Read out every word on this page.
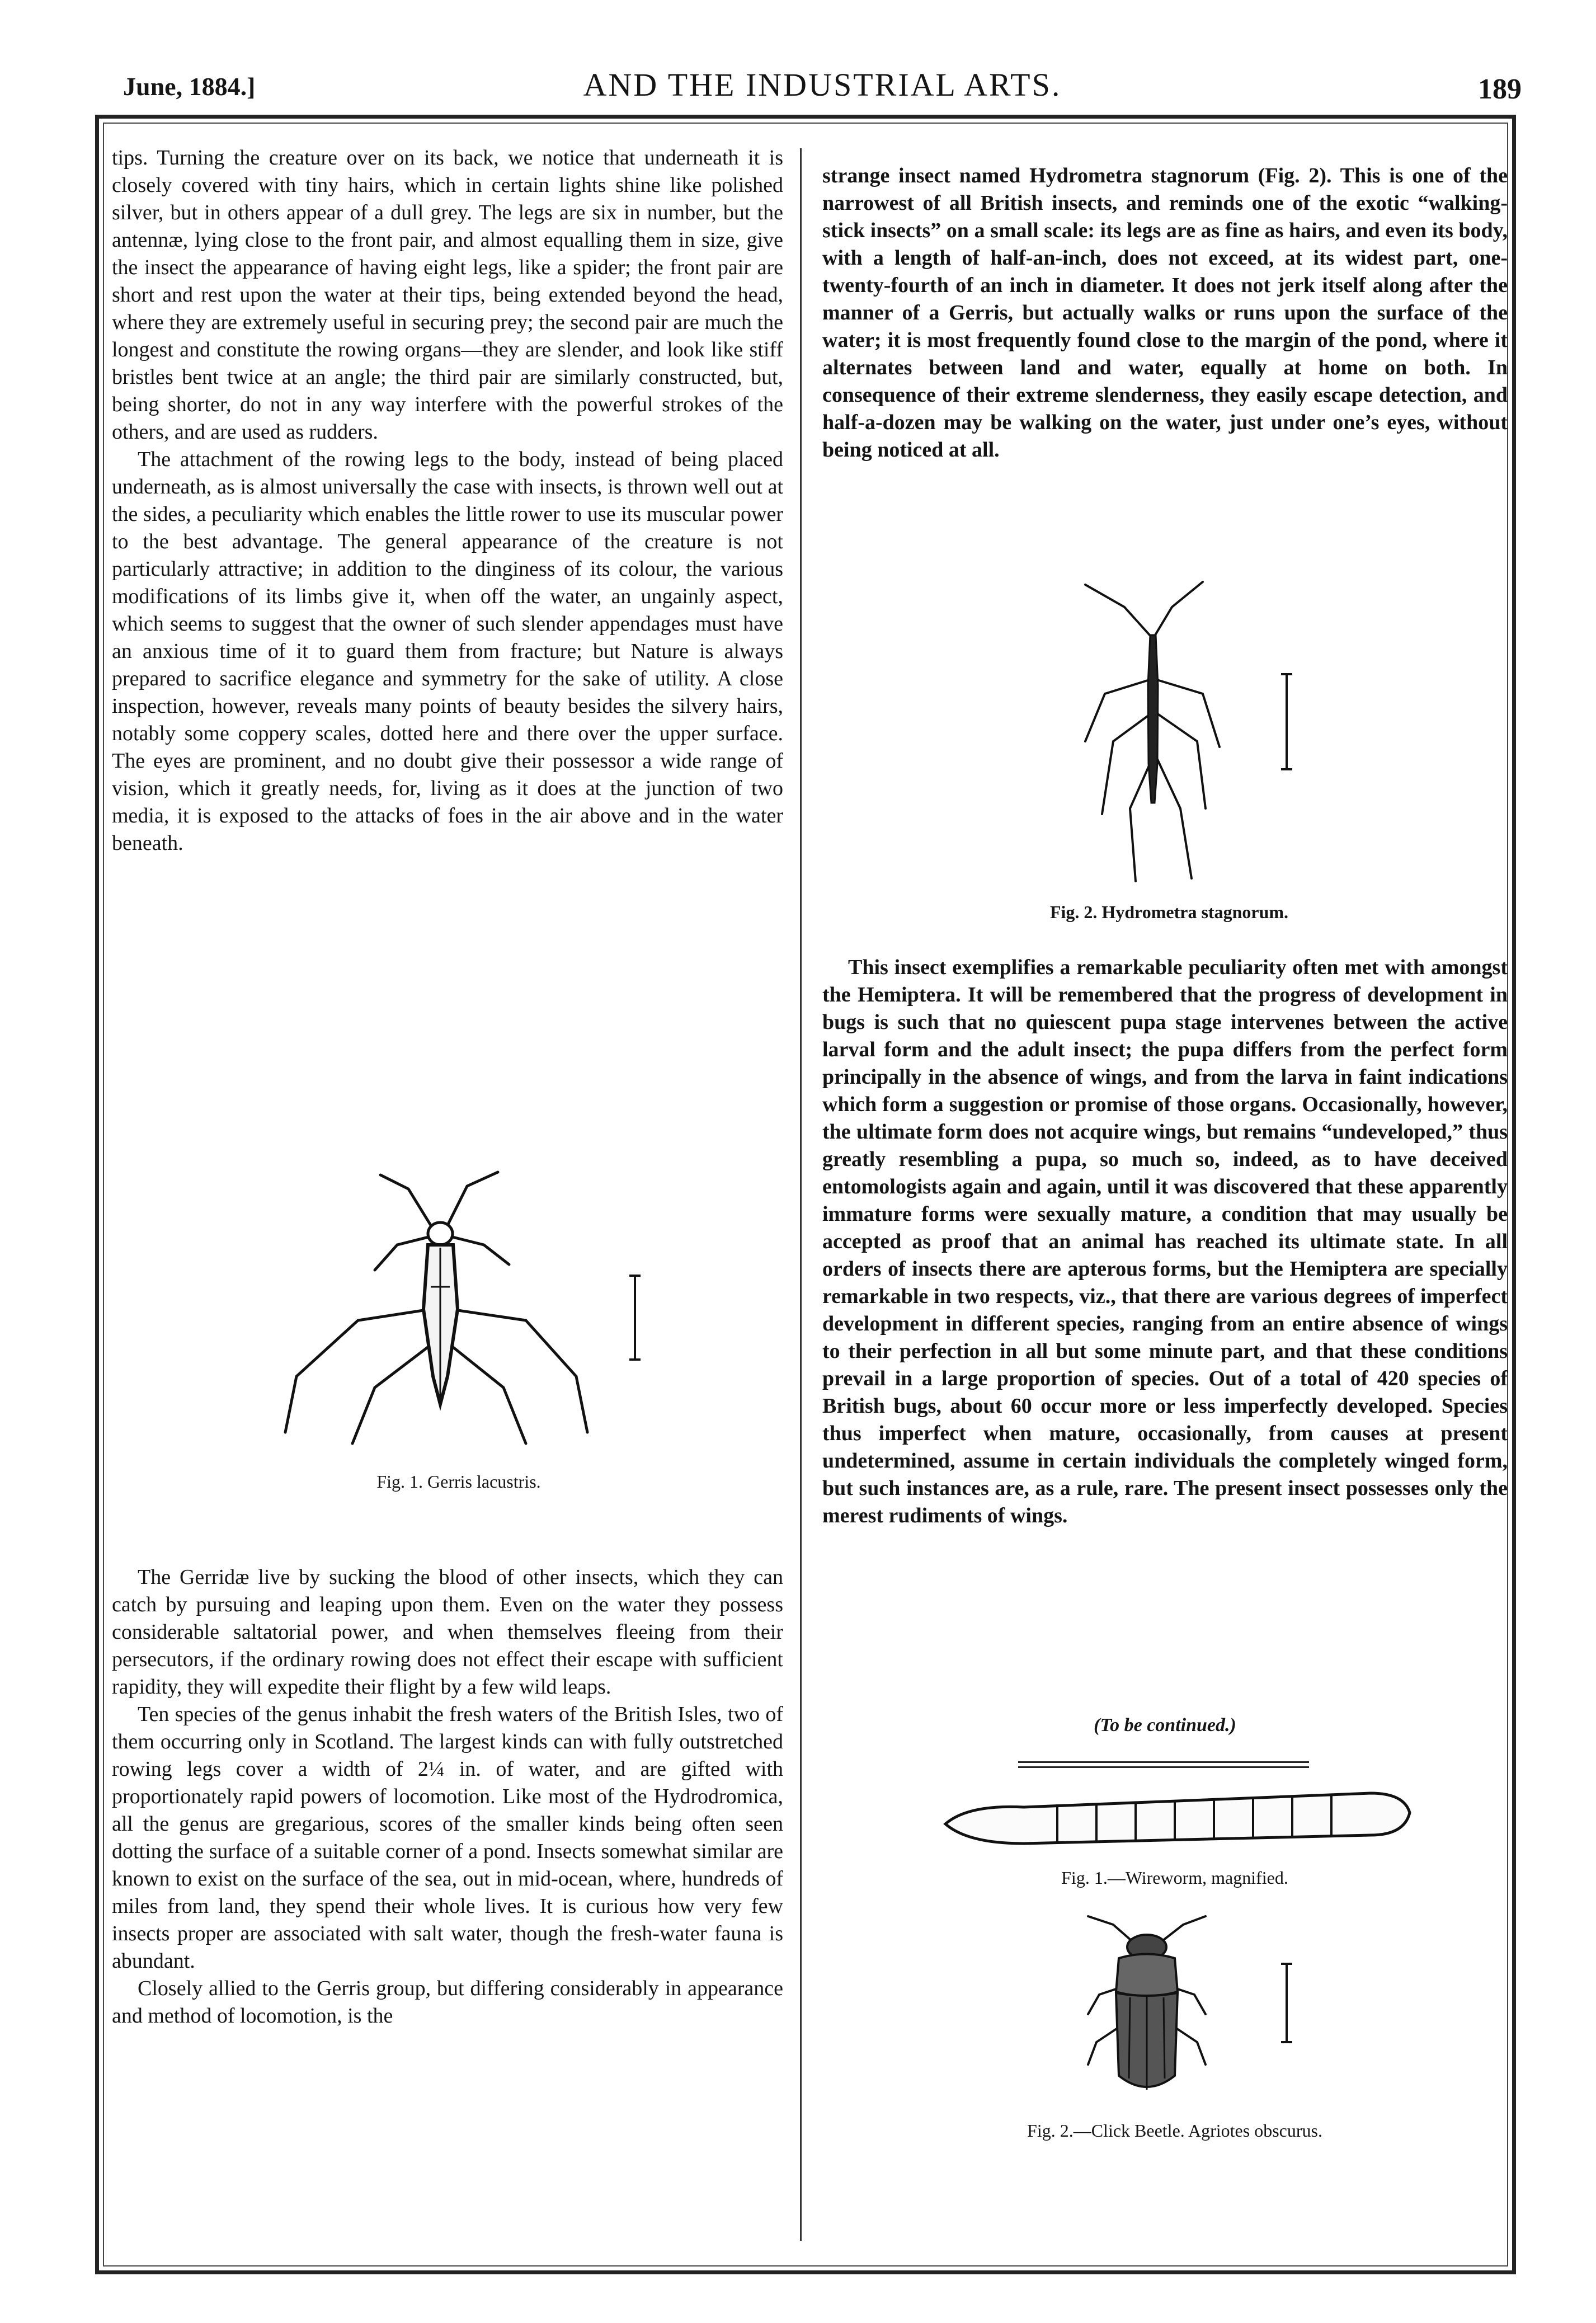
June, 1884.]	AND THE INDUSTRIAL ARTS.	189

tips. Turning the creature over on its back, we notice that underneath it is closely covered with tiny hairs, which in certain lights shine like polished silver, but in others appear of a dull grey. The legs are six in number, but the antennæ, lying close to the front pair, and almost equalling them in size, give the insect the appearance of having eight legs, like a spider; the front pair are short and rest upon the water at their tips, being extended beyond the head, where they are extremely useful in securing prey; the second pair are much the longest and constitute the rowing organs—they are slender, and look like stiff bristles bent twice at an angle; the third pair are similarly constructed, but, being shorter, do not in any way interfere with the powerful strokes of the others, and are used as rudders.

The attachment of the rowing legs to the body, instead of being placed underneath, as is almost universally the case with insects, is thrown well out at the sides, a peculiarity which enables the little rower to use its muscular power to the best advantage. The general appearance of the creature is not particularly attractive; in addition to the dinginess of its colour, the various modifications of its limbs give it, when off the water, an ungainly aspect, which seems to suggest that the owner of such slender appendages must have an anxious time of it to guard them from fracture; but Nature is always prepared to sacrifice elegance and symmetry for the sake of utility. A close inspection, however, reveals many points of beauty besides the silvery hairs, notably some coppery scales, dotted here and there over the upper surface. The eyes are prominent, and no doubt give their possessor a wide range of vision, which it greatly needs, for, living as it does at the junction of two media, it is exposed to the attacks of foes in the air above and in the water beneath.

Fig. 1. Gerris lacustris.

The Gerridæ live by sucking the blood of other insects, which they can catch by pursuing and leaping upon them. Even on the water they possess considerable saltatorial power, and when themselves fleeing from their persecutors, if the ordinary rowing does not effect their escape with sufficient rapidity, they will expedite their flight by a few wild leaps.

Ten species of the genus inhabit the fresh waters of the British Isles, two of them occurring only in Scotland. The largest kinds can with fully outstretched rowing legs cover a width of 2¼ in. of water, and are gifted with proportionately rapid powers of locomotion. Like most of the Hydrodromica, all the genus are gregarious, scores of the smaller kinds being often seen dotting the surface of a suitable corner of a pond. Insects somewhat similar are known to exist on the surface of the sea, out in mid-ocean, where, hundreds of miles from land, they spend their whole lives. It is curious how very few insects proper are associated with salt water, though the fresh-water fauna is abundant.

Closely allied to the Gerris group, but differing considerably in appearance and method of locomotion, is the

strange insect named Hydrometra stagnorum (Fig. 2). This is one of the narrowest of all British insects, and reminds one of the exotic “walking-stick insects” on a small scale: its legs are as fine as hairs, and even its body, with a length of half-an-inch, does not exceed, at its widest part, one-twenty-fourth of an inch in diameter. It does not jerk itself along after the manner of a Gerris, but actually walks or runs upon the surface of the water; it is most frequently found close to the margin of the pond, where it alternates between land and water, equally at home on both. In consequence of their extreme slenderness, they easily escape detection, and half-a-dozen may be walking on the water, just under one’s eyes, without being noticed at all.

Fig. 2. Hydrometra stagnorum.

This insect exemplifies a remarkable peculiarity often met with amongst the Hemiptera. It will be remembered that the progress of development in bugs is such that no quiescent pupa stage intervenes between the active larval form and the adult insect; the pupa differs from the perfect form principally in the absence of wings, and from the larva in faint indications which form a suggestion or promise of those organs. Occasionally, however, the ultimate form does not acquire wings, but remains “undeveloped,” thus greatly resembling a pupa, so much so, indeed, as to have deceived entomologists again and again, until it was discovered that these apparently immature forms were sexually mature, a condition that may usually be accepted as proof that an animal has reached its ultimate state. In all orders of insects there are apterous forms, but the Hemiptera are specially remarkable in two respects, viz., that there are various degrees of imperfect development in different species, ranging from an entire absence of wings to their perfection in all but some minute part, and that these conditions prevail in a large proportion of species. Out of a total of 420 species of British bugs, about 60 occur more or less imperfectly developed. Species thus imperfect when mature, occasionally, from causes at present undetermined, assume in certain individuals the completely winged form, but such instances are, as a rule, rare. The present insect possesses only the merest rudiments of wings.

(To be continued.)
Fig. 1.—Wireworm, magnified.
Fig. 2.—Click Beetle. Agriotes obscurus.
